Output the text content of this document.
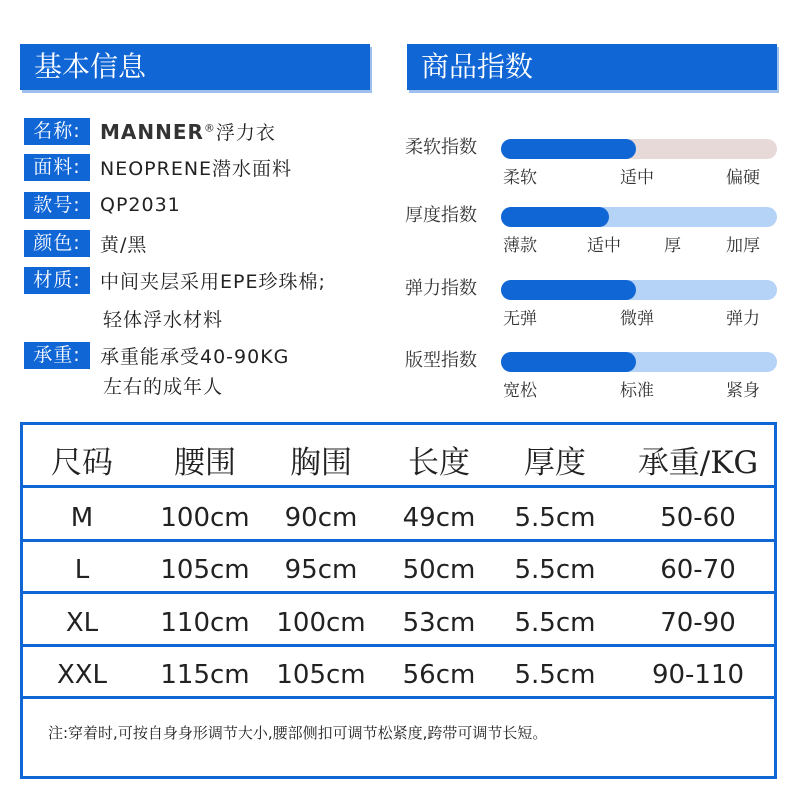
基本信息	商品指数
名称: MANNER®浮力衣
面料:	NEOPRENE潜水面料
款号:	QP2031
颜色:	黄/黑
材质:	中间夹层采用EPE珍珠棉;
轻体浮水材料
承重:	承重能承受40-90KG
左右的成年人
柔软指数
柔软	适中	偏硬
厚度指数
薄款	适中	厚	加厚
弹力指数
无弹	微弹	弹力
版型指数
宽松	标准	紧身
尺码	腰围	胸围	长度	厚度	承重/KG
M	100cm	90cm	49cm	5.5cm	50-60
L	105cm	95cm	50cm	5.5cm	60-70
XL	110cm 100cm	53cm	5.5cm	70-90
XXL	115cm 105cm	56cm	5.5cm	90-110
注:穿着时,可按自身身形调节大小,腰部侧扣可调节松紧度,跨带可调节长短。
